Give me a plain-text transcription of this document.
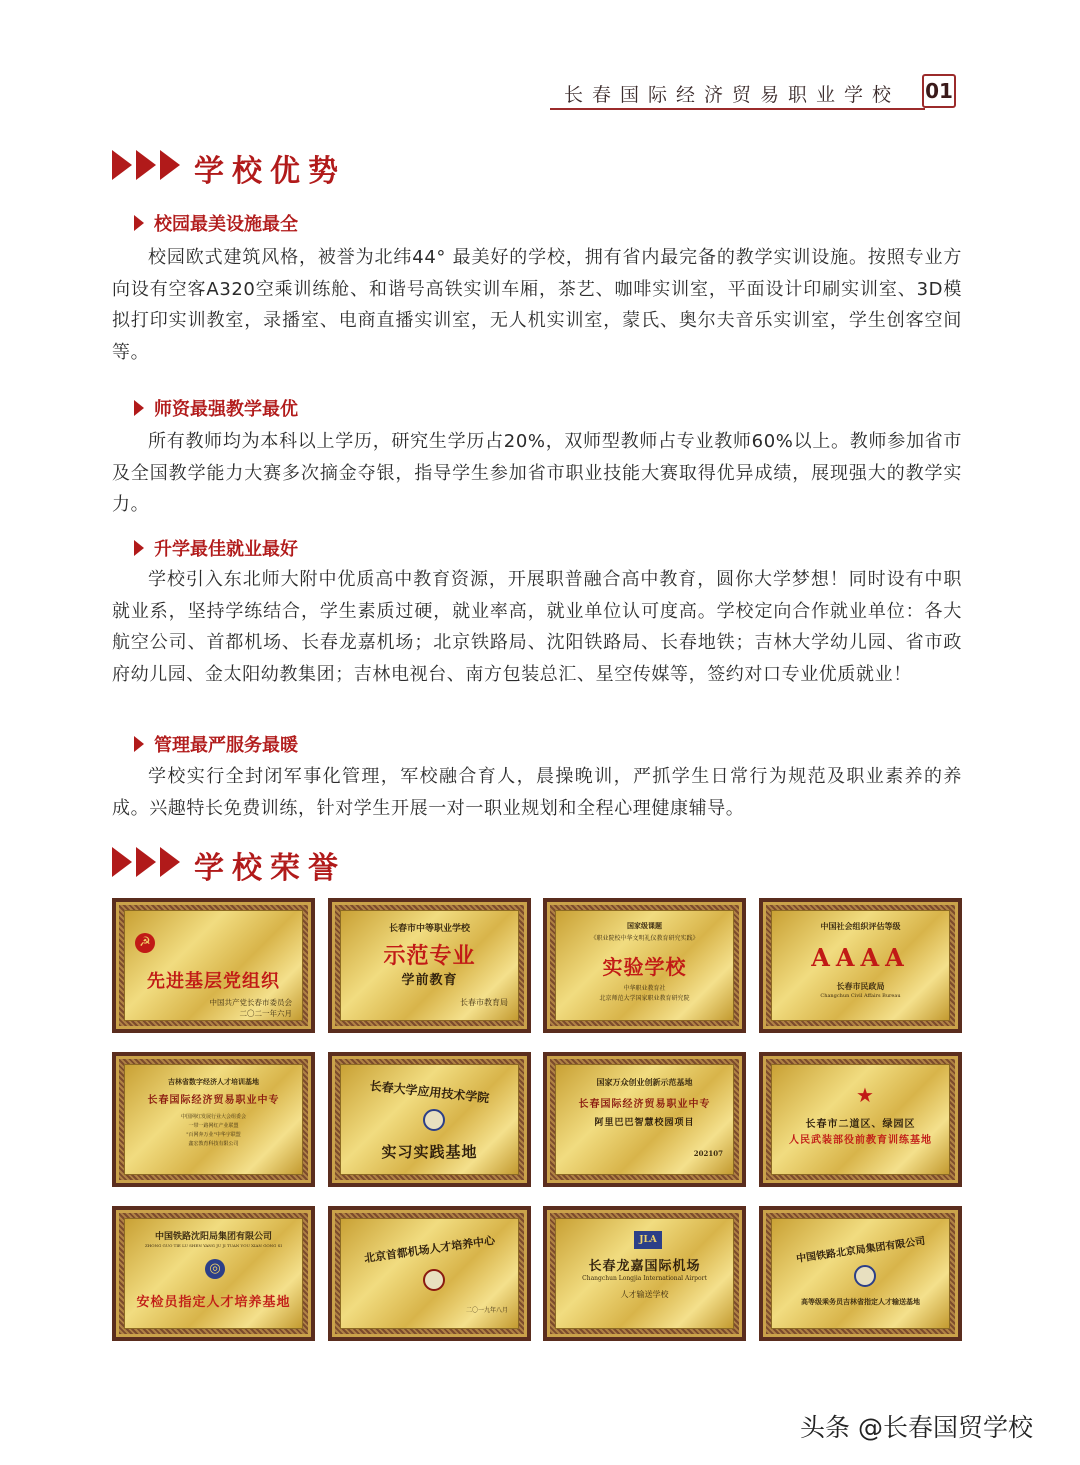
长春国际经济贸易职业学校 01
学校优势
校园最美设施最全

校园欧式建筑风格，被誉为北纬44° 最美好的学校，拥有省内最完备的教学实训设施。按照专业方向设有空客A320空乘训练舱、和谐号高铁实训车厢，茶艺、咖啡实训室，平面设计印刷实训室、3D模拟打印实训教室，录播室、电商直播实训室，无人机实训室，蒙氏、奥尔夫音乐实训室，学生创客空间等。

师资最强教学最优

所有教师均为本科以上学历，研究生学历占20%，双师型教师占专业教师60%以上。教师参加省市及全国教学能力大赛多次摘金夺银，指导学生参加省市职业技能大赛取得优异成绩，展现强大的教学实力。

升学最佳就业最好

学校引入东北师大附中优质高中教育资源，开展职普融合高中教育，圆你大学梦想！同时设有中职就业系，坚持学练结合，学生素质过硬，就业率高，就业单位认可度高。学校定向合作就业单位：各大航空公司、首都机场、长春龙嘉机场；北京铁路局、沈阳铁路局、长春地铁；吉林大学幼儿园、省市政府幼儿园、金太阳幼教集团；吉林电视台、南方包装总汇、星空传媒等，签约对口专业优质就业！

管理最严服务最暖

学校实行全封闭军事化管理，军校融合育人，晨操晚训，严抓学生日常行为规范及职业素养的养成。兴趣特长免费训练，针对学生开展一对一职业规划和全程心理健康辅导。

学校荣誉
☭
先进基层党组织
中国共产党长春市委员会
二〇二一年六月
长春市中等职业学校
示范专业
学前教育
长春市教育局
国家级课题
《职业院校中华文明礼仪教育研究实践》
实验学校
中华职业教育社
北京师范大学国家职业教育研究院
中国社会组织评估等级
AAAA
长春市民政局
Changchun Civil Affairs Bureau
吉林省数字经济人才培训基地
长春国际经济贸易职业中专
中国网红发展行业大会组委会
一带一路网红产业联盟
"百网奔万业"中华宇联盟
鑫宏教育科技有限公司
长春大学应用技术学院
实习实践基地
国家万众创业创新示范基地
长春国际经济贸易职业中专
阿里巴巴智慧校园项目
202107
★
长春市二道区、绿园区
人民武装部役前教育训练基地
中国铁路沈阳局集团有限公司
ZHONG GUO TIE LU SHEN YANG JU JI TUAN YOU XIAN GONG SI
◎
安检员指定人才培养基地
北京首都机场人才培养中心
二〇一九年八月
JLA
长春龙嘉国际机场
Changchun Longjia International Airport
人才输送学校
中国铁路北京局集团有限公司
高等级乘务员吉林省指定人才输送基地
头条 @长春国贸学校
